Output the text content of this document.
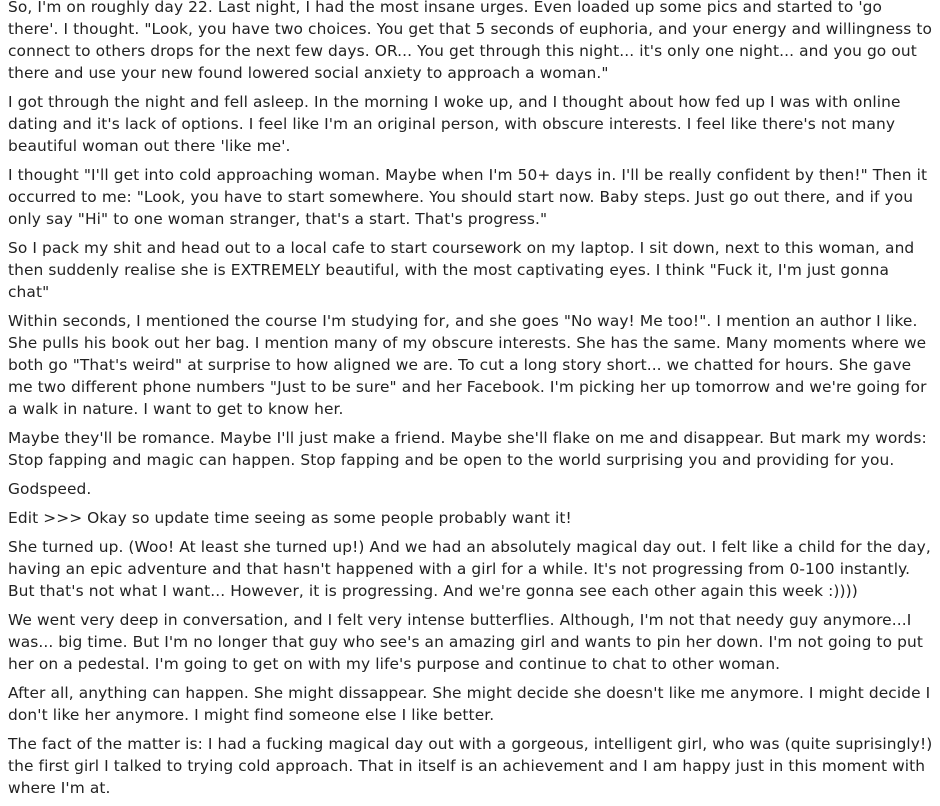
So, I'm on roughly day 22. Last night, I had the most insane urges. Even loaded up some pics and started to 'go there'. I thought. "Look, you have two choices. You get that 5 seconds of euphoria, and your energy and willingness to connect to others drops for the next few days. OR... You get through this night... it's only one night... and you go out there and use your new found lowered social anxiety to approach a woman."

I got through the night and fell asleep. In the morning I woke up, and I thought about how fed up I was with online dating and it's lack of options. I feel like I'm an original person, with obscure interests. I feel like there's not many beautiful woman out there 'like me'.

I thought "I'll get into cold approaching woman. Maybe when I'm 50+ days in. I'll be really confident by then!" Then it occurred to me: "Look, you have to start somewhere. You should start now. Baby steps. Just go out there, and if you only say "Hi" to one woman stranger, that's a start. That's progress."

So I pack my shit and head out to a local cafe to start coursework on my laptop. I sit down, next to this woman, and then suddenly realise she is EXTREMELY beautiful, with the most captivating eyes. I think "Fuck it, I'm just gonna chat"

Within seconds, I mentioned the course I'm studying for, and she goes "No way! Me too!". I mention an author I like. She pulls his book out her bag. I mention many of my obscure interests. She has the same. Many moments where we both go "That's weird" at surprise to how aligned we are. To cut a long story short... we chatted for hours. She gave me two different phone numbers "Just to be sure" and her Facebook. I'm picking her up tomorrow and we're going for a walk in nature. I want to get to know her.

Maybe they'll be romance. Maybe I'll just make a friend. Maybe she'll flake on me and disappear. But mark my words: Stop fapping and magic can happen. Stop fapping and be open to the world surprising you and providing for you.

Godspeed.

Edit >>> Okay so update time seeing as some people probably want it!

She turned up. (Woo! At least she turned up!) And we had an absolutely magical day out. I felt like a child for the day, having an epic adventure and that hasn't happened with a girl for a while. It's not progressing from 0-100 instantly. But that's not what I want... However, it is progressing. And we're gonna see each other again this week :))))

We went very deep in conversation, and I felt very intense butterflies. Although, I'm not that needy guy anymore...I was... big time. But I'm no longer that guy who see's an amazing girl and wants to pin her down. I'm not going to put her on a pedestal. I'm going to get on with my life's purpose and continue to chat to other woman.

After all, anything can happen. She might dissappear. She might decide she doesn't like me anymore. I might decide I don't like her anymore. I might find someone else I like better.

The fact of the matter is: I had a fucking magical day out with a gorgeous, intelligent girl, who was (quite suprisingly!) the first girl I talked to trying cold approach. That in itself is an achievement and I am happy just in this moment with where I'm at.
